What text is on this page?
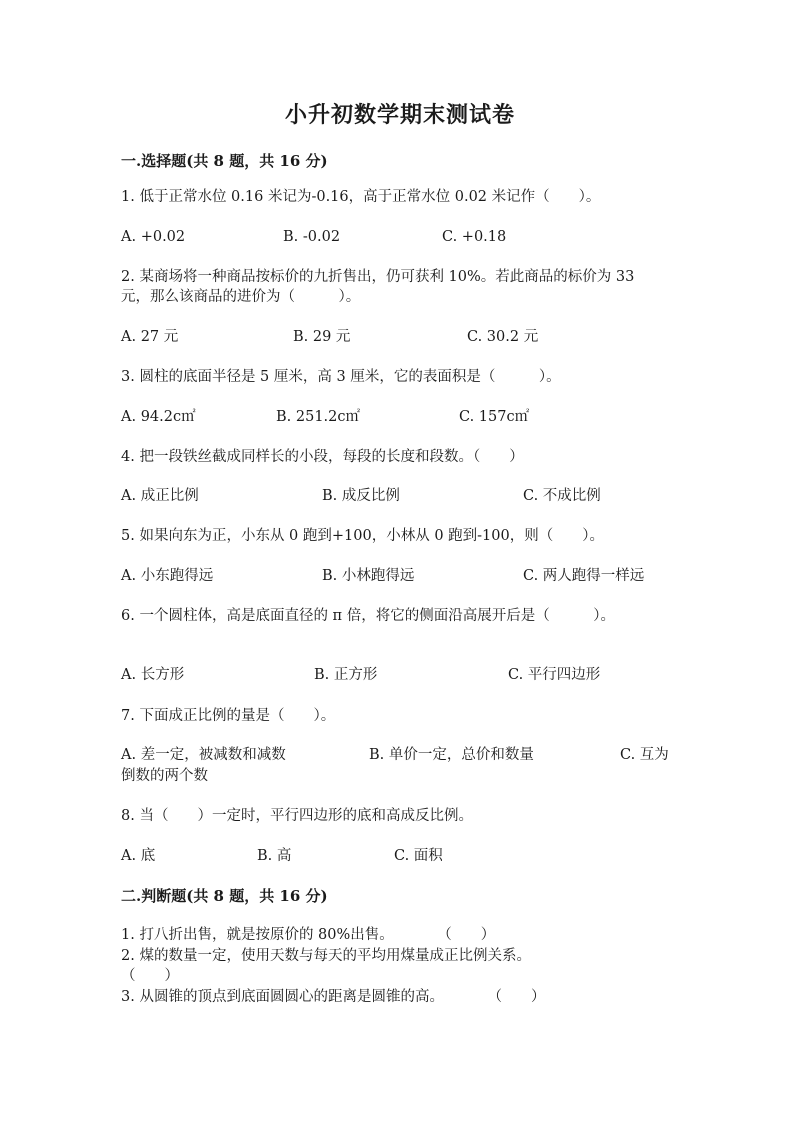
小升初数学期末测试卷
一.选择题(共 8 题，共 16 分)
1. 低于正常水位 0.16 米记为-0.16，高于正常水位 0.02 米记作（　　）。
A. +0.02	B. -0.02	C. +0.18
2. 某商场将一种商品按标价的九折售出，仍可获利 10%。若此商品的标价为 33 元，那么该商品的进价为（　　　）。
A. 27 元	B. 29 元	C. 30.2 元
3. 圆柱的底面半径是 5 厘米，高 3 厘米，它的表面积是（　　　）。
A. 94.2c㎡	B. 251.2c㎡	C. 157c㎡
4. 把一段铁丝截成同样长的小段，每段的长度和段数。（　　）
A. 成正比例	B. 成反比例	C. 不成比例
5. 如果向东为正，小东从 0 跑到+100，小林从 0 跑到-100，则（　　）。
A. 小东跑得远	B. 小林跑得远	C. 两人跑得一样远
6. 一个圆柱体，高是底面直径的 π 倍，将它的侧面沿高展开后是（　　　）。
A. 长方形	B. 正方形	C. 平行四边形
7. 下面成正比例的量是（　　）。
A. 差一定，被减数和减数	B. 单价一定，总价和数量	C. 互为
倒数的两个数
8. 当（　　）一定时，平行四边形的底和高成反比例。
A. 底	B. 高	C. 面积
二.判断题(共 8 题，共 16 分)
1. 打八折出售，就是按原价的 80%出售。　　　　（　　）
2. 煤的数量一定，使用天数与每天的平均用煤量成正比例关系。
（　　）
3. 从圆锥的顶点到底面圆圆心的距离是圆锥的高。　　　　（　　）
